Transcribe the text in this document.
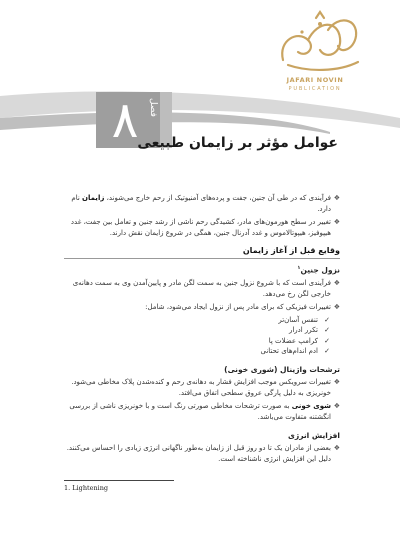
JAFARI NOVIN
PUBLICATION
۸	فصل
عوامل مؤثر بر زایمان طبیعی

❖
فرآیندی که در طی آن جنین، جفت و پرده‌های آمنیوتیک از رحم خارج می‌شوند، زایمان نام دارد.

❖
تغییر در سطح هورمون‌های مادر، کشیدگی رحم ناشی از رشد جنین و تعامل بین جفت، غدد هیپوفیز، هیپوتالاموس و غدد آدرنال جنین، همگی در شروع زایمان نقش دارند.

وقایع قبل از آغاز زایمان

نزول جنین$^۱$

❖
فرآیندی است که با شروع نزول جنین به سمت لگن مادر و پایین‌آمدن وی به سمت دهانه‌ی خارجی لگن رخ می‌دهد.

❖
تغییرات فیزیکی که برای مادر پس از نزول ایجاد می‌شود، شامل:

✓
تنفس آسان‌تر
✓
تکرر ادرار
✓
کرامپ عضلات پا
✓
ادم اندام‌های تحتانی

ترشحات واژینال (شوری خونی)

❖
تغییرات سرویکس موجب افزایش فشار به دهانه‌ی رحم و کنده‌شدن پلاک مخاطی می‌شود. خونریزی به دلیل پارگی عروق سطحی اتفاق می‌افتد.

❖
شوی خونی به صورت ترشحات مخاطی صورتی رنگ است و با خونریزی ناشی از بررسی انگشتنه متفاوت می‌باشد.

افزایش انرژی

❖
بعضی از مادران یک تا دو روز قبل از زایمان به‌طور ناگهانی انرژی زیادی را احساس می‌کنند. دلیل این افزایش انرژی ناشناخته است.

1. Lightening
